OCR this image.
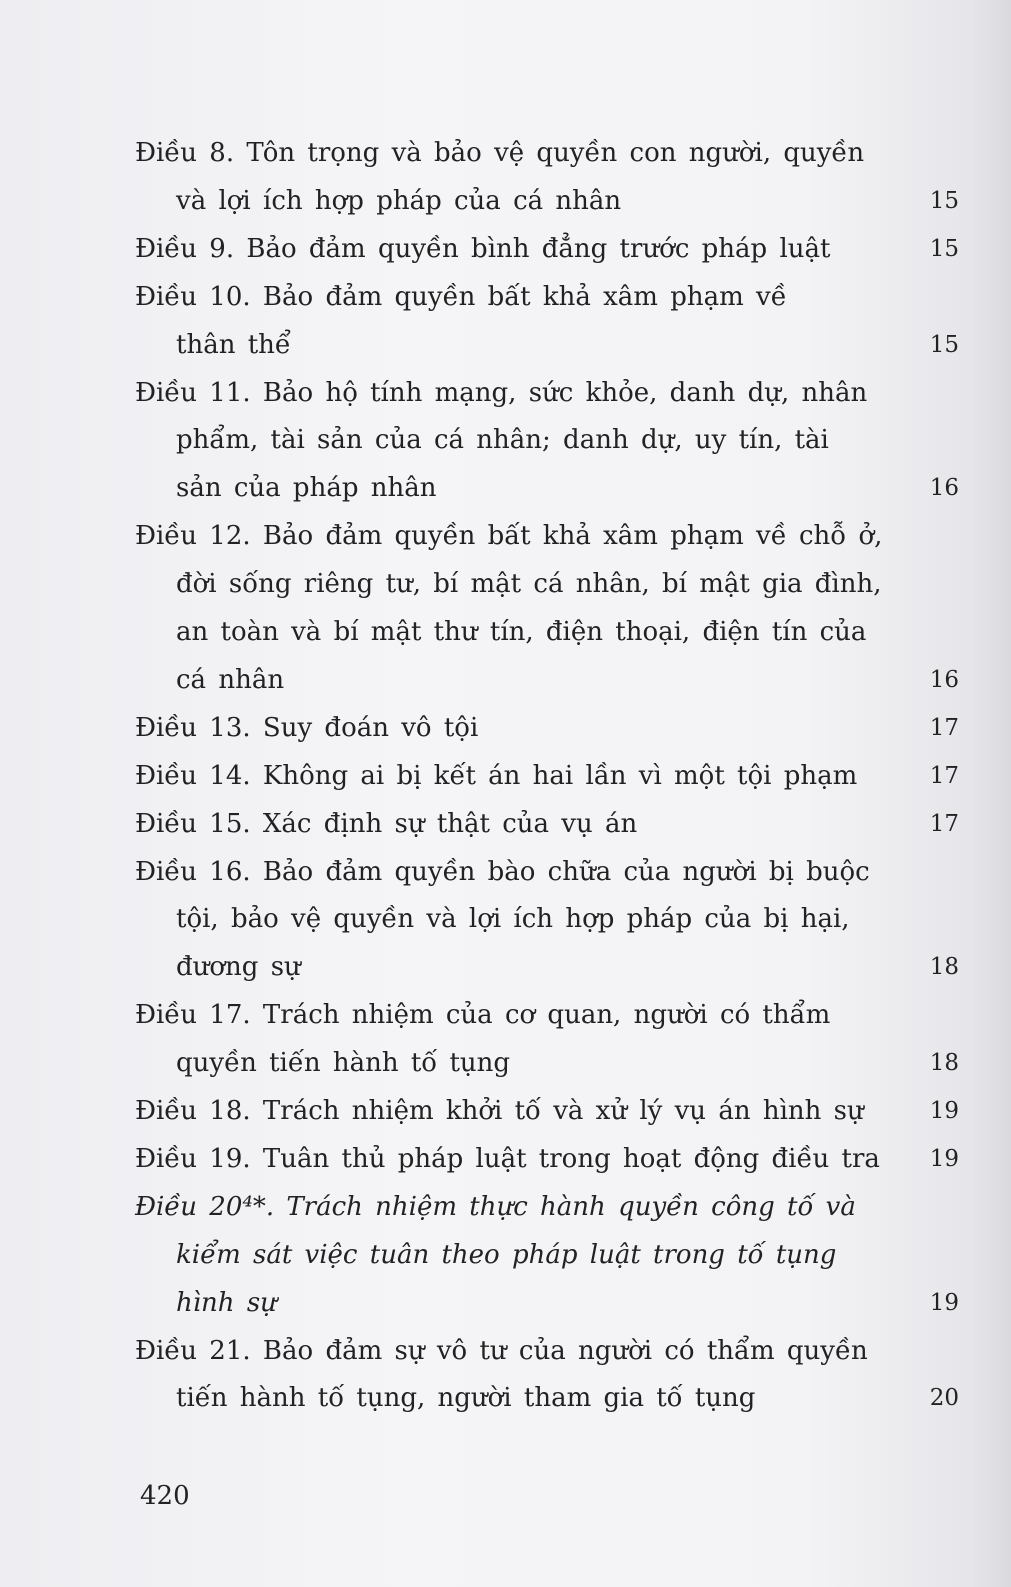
Điều 8. Tôn trọng và bảo vệ quyền con người, quyền
và lợi ích hợp pháp của cá nhân	15
Điều 9. Bảo đảm quyền bình đẳng trước pháp luật	15
Điều 10. Bảo đảm quyền bất khả xâm phạm về
thân thể	15
Điều 11. Bảo hộ tính mạng, sức khỏe, danh dự, nhân
phẩm, tài sản của cá nhân; danh dự, uy tín, tài
sản của pháp nhân	16
Điều 12. Bảo đảm quyền bất khả xâm phạm về chỗ ở,
đời sống riêng tư, bí mật cá nhân, bí mật gia đình,
an toàn và bí mật thư tín, điện thoại, điện tín của
cá nhân	16
Điều 13. Suy đoán vô tội	17
Điều 14. Không ai bị kết án hai lần vì một tội phạm	17
Điều 15. Xác định sự thật của vụ án	17
Điều 16. Bảo đảm quyền bào chữa của người bị buộc
tội, bảo vệ quyền và lợi ích hợp pháp của bị hại,
đương sự	18
Điều 17. Trách nhiệm của cơ quan, người có thẩm
quyền tiến hành tố tụng	18
Điều 18. Trách nhiệm khởi tố và xử lý vụ án hình sự	19
Điều 19. Tuân thủ pháp luật trong hoạt động điều tra 19
Điều 20⁴*. Trách nhiệm thực hành quyền công tố và
kiểm sát việc tuân theo pháp luật trong tố tụng
hình sự	19
Điều 21. Bảo đảm sự vô tư của người có thẩm quyền
tiến hành tố tụng, người tham gia tố tụng	20
420
